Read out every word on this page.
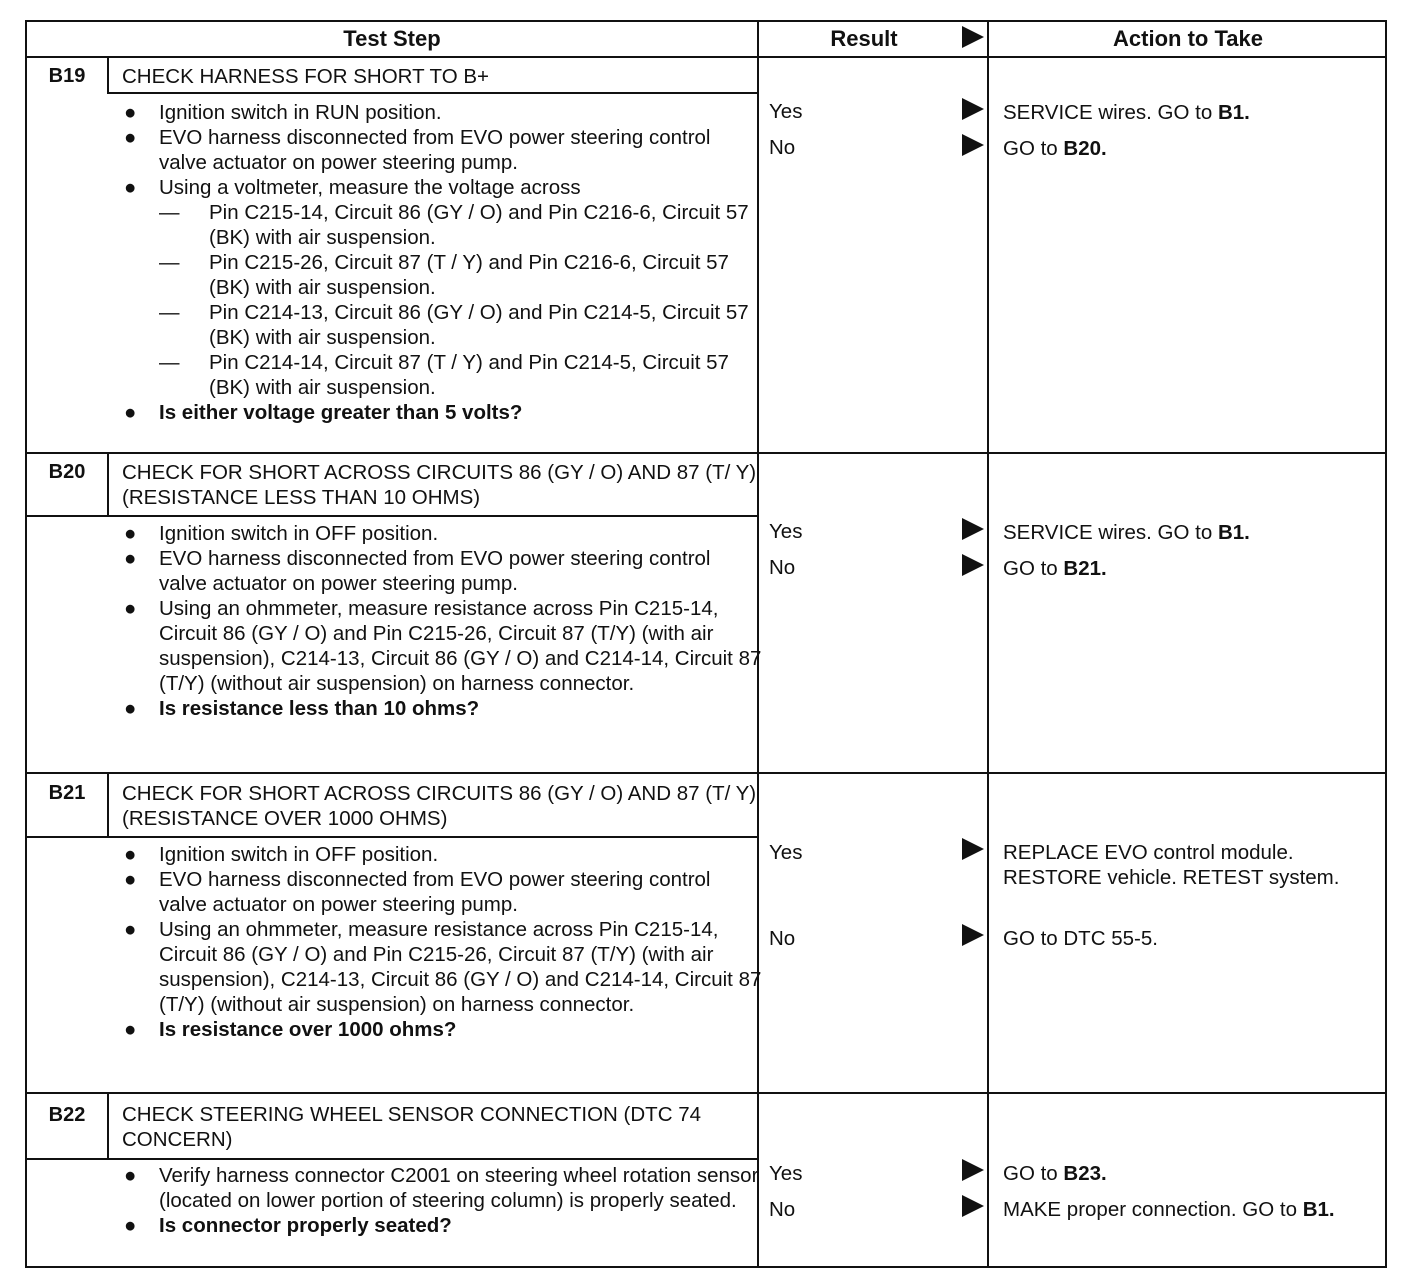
Test Step	Result	Action to Take
B19	CHECK HARNESS FOR SHORT TO B+
● Ignition switch in RUN position.
● EVO harness disconnected from EVO power steering control valve actuator on power steering pump.
● Using a voltmeter, measure the voltage across
— Pin C215-14, Circuit 86 (GY / O) and Pin C216-6, Circuit 57 (BK) with air suspension.
— Pin C215-26, Circuit 87 (T / Y) and Pin C216-6, Circuit 57 (BK) with air suspension.
— Pin C214-13, Circuit 86 (GY / O) and Pin C214-5, Circuit 57 (BK) with air suspension.
— Pin C214-14, Circuit 87 (T / Y) and Pin C214-5, Circuit 57 (BK) with air suspension.
● Is either voltage greater than 5 volts?
Yes	SERVICE wires. GO to B1.
No	GO to B20.
B20	CHECK FOR SHORT ACROSS CIRCUITS 86 (GY / O) AND 87 (T/ Y) (RESISTANCE LESS THAN 10 OHMS)
● Ignition switch in OFF position.
● EVO harness disconnected from EVO power steering control valve actuator on power steering pump.
● Using an ohmmeter, measure resistance across Pin C215-14, Circuit 86 (GY / O) and Pin C215-26, Circuit 87 (T/Y) (with air suspension), C214-13, Circuit 86 (GY / O) and C214-14, Circuit 87 (T/Y) (without air suspension) on harness connector.
● Is resistance less than 10 ohms?
Yes	SERVICE wires. GO to B1.
No	GO to B21.
B21	CHECK FOR SHORT ACROSS CIRCUITS 86 (GY / O) AND 87 (T/ Y) (RESISTANCE OVER 1000 OHMS)
● Ignition switch in OFF position.
● EVO harness disconnected from EVO power steering control valve actuator on power steering pump.
● Using an ohmmeter, measure resistance across Pin C215-14, Circuit 86 (GY / O) and Pin C215-26, Circuit 87 (T/Y) (with air suspension), C214-13, Circuit 86 (GY / O) and C214-14, Circuit 87 (T/Y) (without air suspension) on harness connector.
● Is resistance over 1000 ohms?
Yes	REPLACE EVO control module. RESTORE vehicle. RETEST system.
No	GO to DTC 55-5.
B22	CHECK STEERING WHEEL SENSOR CONNECTION (DTC 74 CONCERN)
● Verify harness connector C2001 on steering wheel rotation sensor (located on lower portion of steering column) is properly seated.
● Is connector properly seated?
Yes	GO to B23.
No	MAKE proper connection. GO to B1.
